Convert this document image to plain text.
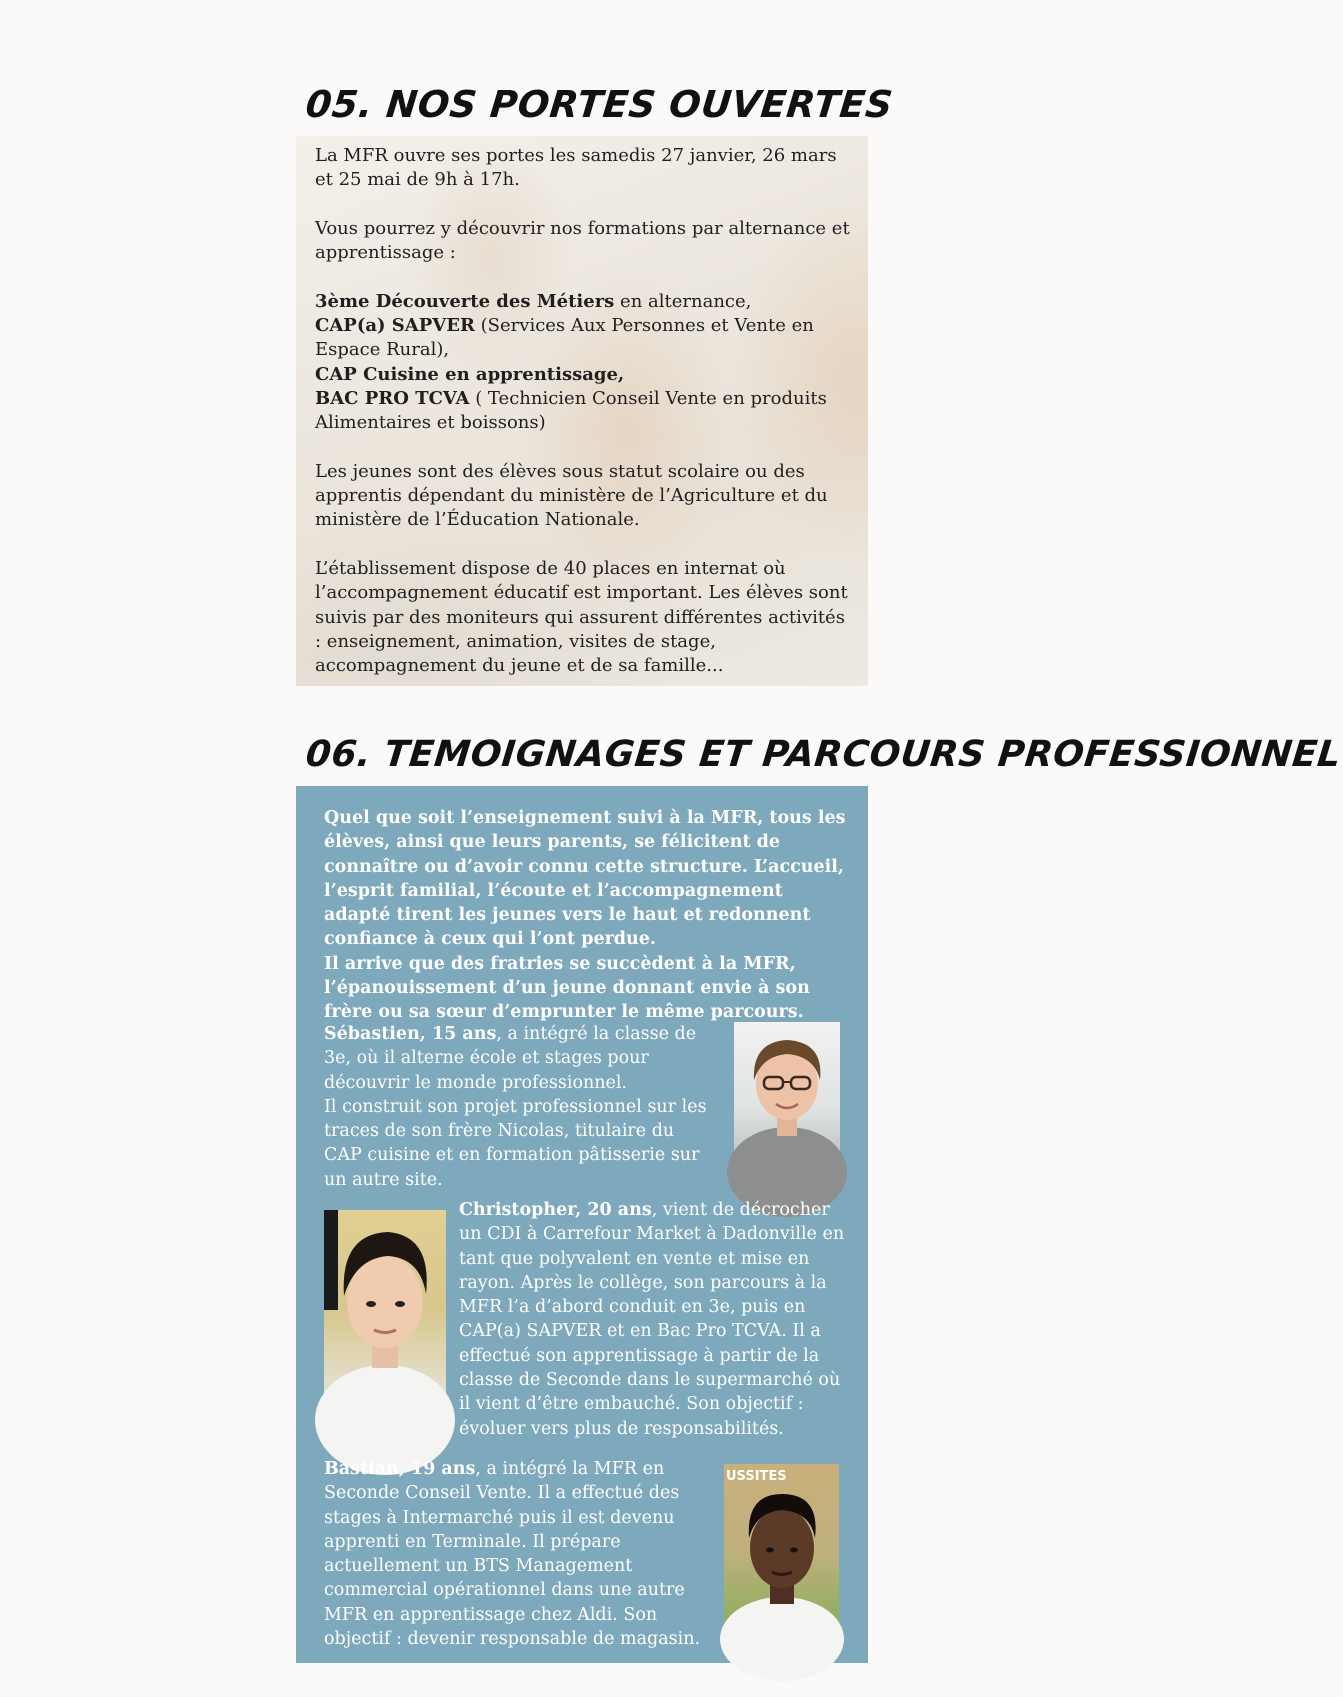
05. NOS PORTES OUVERTES

La MFR ouvre ses portes les samedis 27 janvier, 26 mars et 25 mai de 9h à 17h.

Vous pourrez y découvrir nos formations par alternance et apprentissage :

3ème Découverte des Métiers en alternance,
CAP(a) SAPVER (Services Aux Personnes et Vente en Espace Rural),
CAP Cuisine en apprentissage,
BAC PRO TCVA ( Technicien Conseil Vente en produits Alimentaires et boissons)

Les jeunes sont des élèves sous statut scolaire ou des apprentis dépendant du ministère de l’Agriculture et du ministère de l’Éducation Nationale.

L’établissement dispose de 40 places en internat où l’accompagnement éducatif est important. Les élèves sont suivis par des moniteurs qui assurent différentes activités : enseignement, animation, visites de stage, accompagnement du jeune et de sa famille...

06. TEMOIGNAGES ET PARCOURS PROFESSIONNEL

Quel que soit l’enseignement suivi à la MFR, tous les élèves, ainsi que leurs parents, se félicitent de connaître ou d’avoir connu cette structure. L’accueil, l’esprit familial, l’écoute et l’accompagnement adapté tirent les jeunes vers le haut et redonnent confiance à ceux qui l’ont perdue.
Il arrive que des fratries se succèdent à la MFR, l’épanouissement d’un jeune donnant envie à son frère ou sa sœur d’emprunter le même parcours.

Sébastien, 15 ans, a intégré la classe de 3e, où il alterne école et stages pour découvrir le monde professionnel.
Il construit son projet professionnel sur les traces de son frère Nicolas, titulaire du CAP cuisine et en formation pâtisserie sur un autre site.

Christopher, 20 ans, vient de décrocher un CDI à Carrefour Market à Dadonville en tant que polyvalent en vente et mise en rayon. Après le collège, son parcours à la MFR l’a d’abord conduit en 3e, puis en CAP(a) SAPVER et en Bac Pro TCVA. Il a effectué son apprentissage à partir de la classe de Seconde dans le supermarché où il vient d’être embauché. Son objectif : évoluer vers plus de responsabilités.

Bastian, 19 ans, a intégré la MFR en Seconde Conseil Vente. Il a effectué des stages à Intermarché puis il est devenu apprenti en Terminale. Il prépare actuellement un BTS Management commercial opérationnel dans une autre MFR en apprentissage chez Aldi. Son objectif : devenir responsable de magasin.

USSITES
